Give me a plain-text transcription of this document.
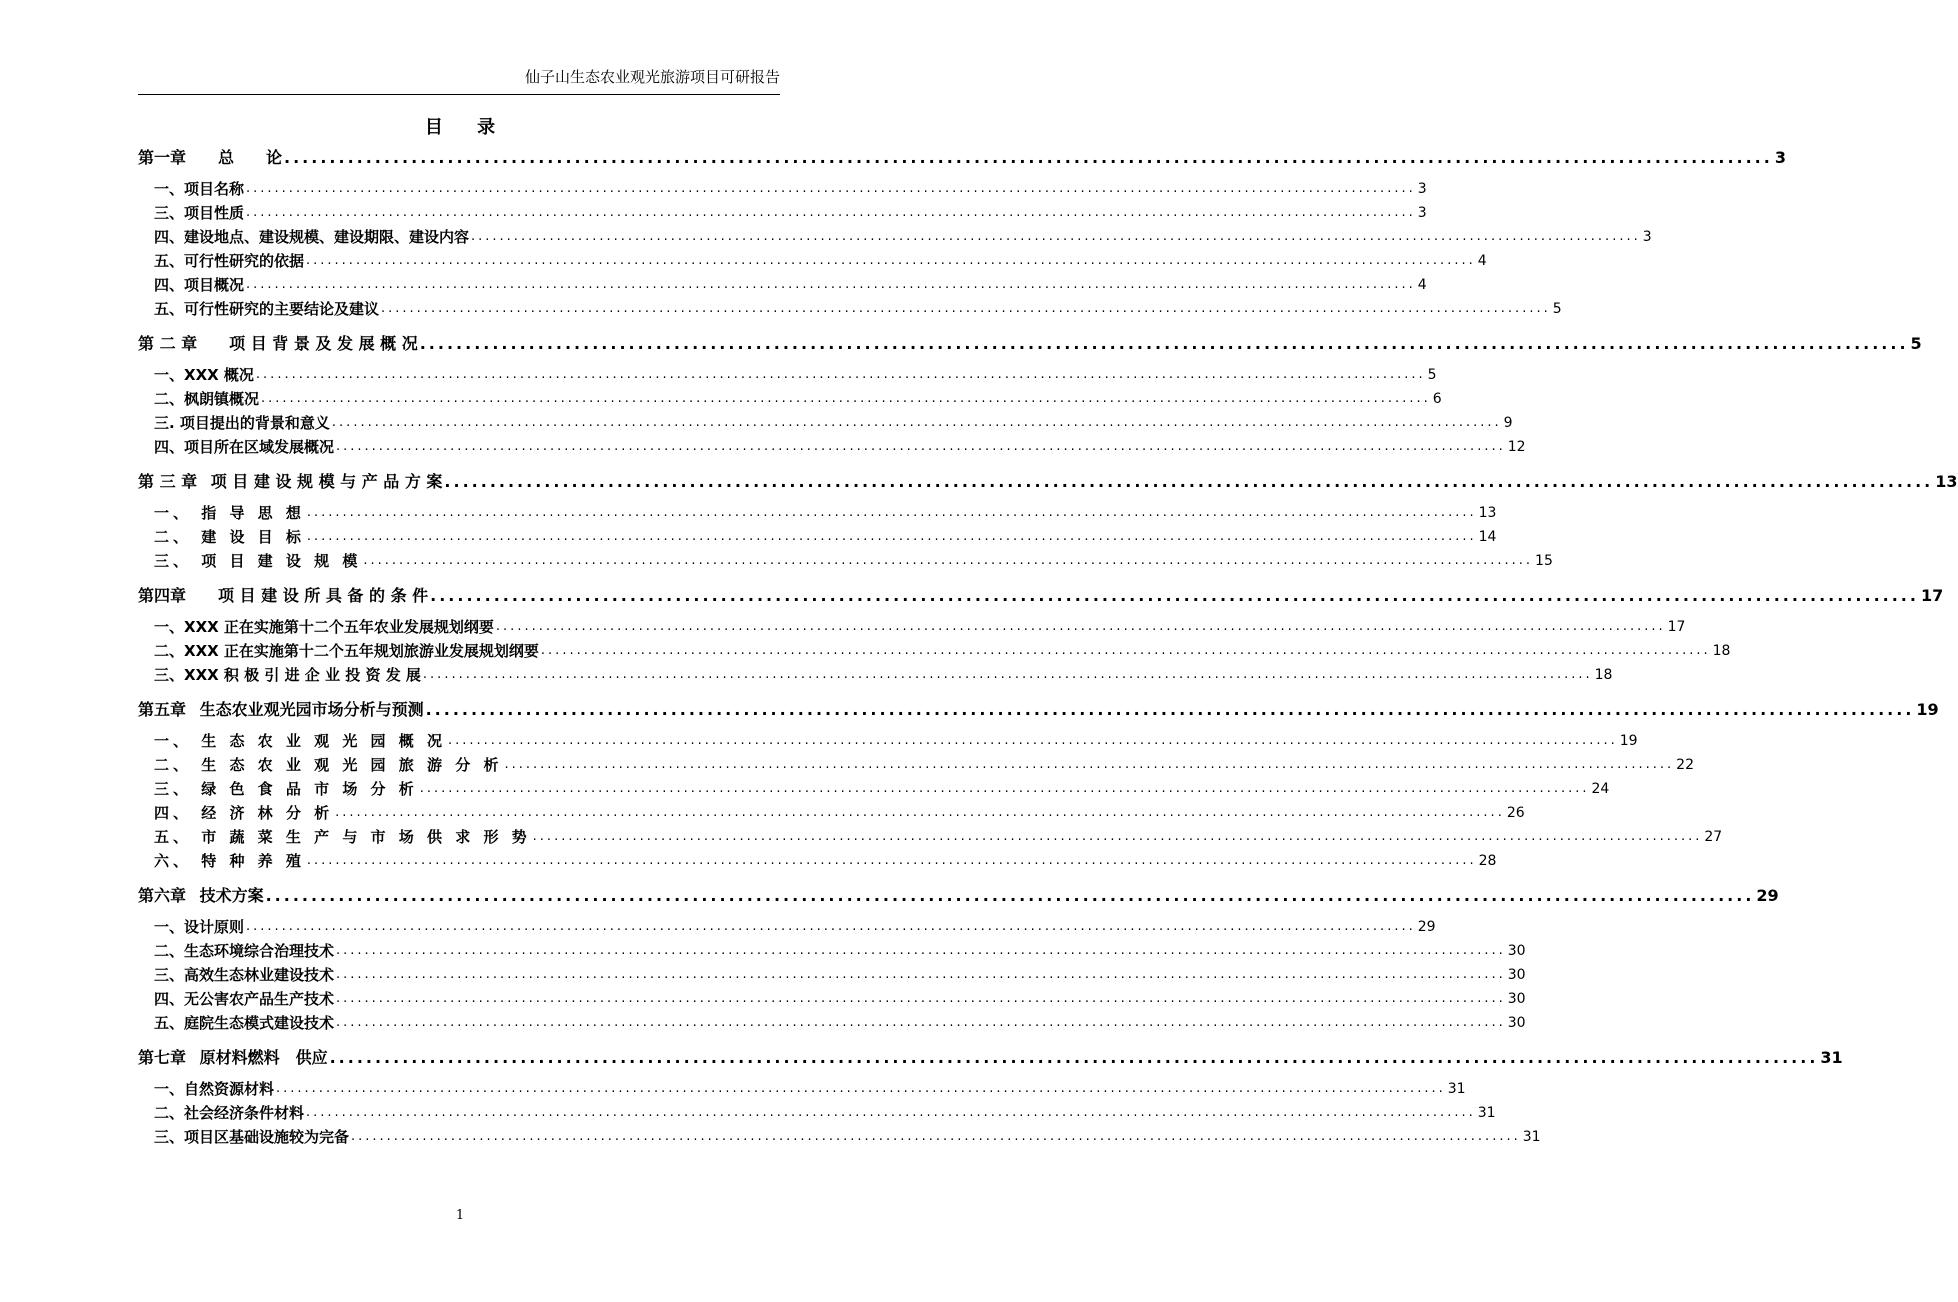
仙子山生态农业观光旅游项目可研报告
目 录
第一章  总  论 .................................................................................................................................................................... 3
一、项目名称 .................................................................................................................................................................... 3
三、项目性质 .................................................................................................................................................................... 3
四、建设地点、建设规模、建设期限、建设内容 .................................................................................................................................................................... 3
五、可行性研究的依据 .................................................................................................................................................................... 4
四、项目概况 .................................................................................................................................................................... 4
五、可行性研究的主要结论及建议 .................................................................................................................................................................... 5
第 二 章  项 目 背 景 及 发 展 概 况 .................................................................................................................................................................... 5
一、XXX 概况 .................................................................................................................................................................... 5
二、枫朗镇概况 .................................................................................................................................................................... 6
三. 项目提出的背景和意义 .................................................................................................................................................................... 9
四、项目所在区域发展概况 .................................................................................................................................................................... 12
第 三 章  项 目 建 设 规 模 与 产 品 方 案 .................................................................................................................................................................... 13
一、 指 导 思 想 .................................................................................................................................................................... 13
二、 建 设 目 标 .................................................................................................................................................................... 14
三、 项 目 建 设 规 模 .................................................................................................................................................................... 15
第四章  项 目 建 设 所 具 备 的 条 件 .................................................................................................................................................................... 17
一、XXX 正在实施第十二个五年农业发展规划纲要 .................................................................................................................................................................... 17
二、XXX 正在实施第十二个五年规划旅游业发展规划纲要 .................................................................................................................................................................... 18
三、XXX 积 极 引 进 企 业 投 资 发 展 .................................................................................................................................................................... 18
第五章  生态农业观光园市场分析与预测 .................................................................................................................................................................... 19
一、 生 态 农 业 观 光 园 概 况 .................................................................................................................................................................... 19
二、 生 态 农 业 观 光 园 旅 游 分 析 .................................................................................................................................................................... 22
三、 绿 色 食 品 市 场 分 析 .................................................................................................................................................................... 24
四、 经 济 林 分 析 .................................................................................................................................................................... 26
五、 市 蔬 菜 生 产 与 市 场 供 求 形 势 .................................................................................................................................................................... 27
六、 特 种 养 殖 .................................................................................................................................................................... 28
第六章  技术方案 .................................................................................................................................................................... 29
一、设计原则 .................................................................................................................................................................... 29
二、生态环境综合治理技术 .................................................................................................................................................................... 30
三、高效生态林业建设技术 .................................................................................................................................................................... 30
四、无公害农产品生产技术 .................................................................................................................................................................... 30
五、庭院生态模式建设技术 .................................................................................................................................................................... 30
第七章  原材料燃料 供应 .................................................................................................................................................................... 31
一、自然资源材料 .................................................................................................................................................................... 31
二、社会经济条件材料 .................................................................................................................................................................... 31
三、项目区基础设施较为完备 .................................................................................................................................................................... 31
1
